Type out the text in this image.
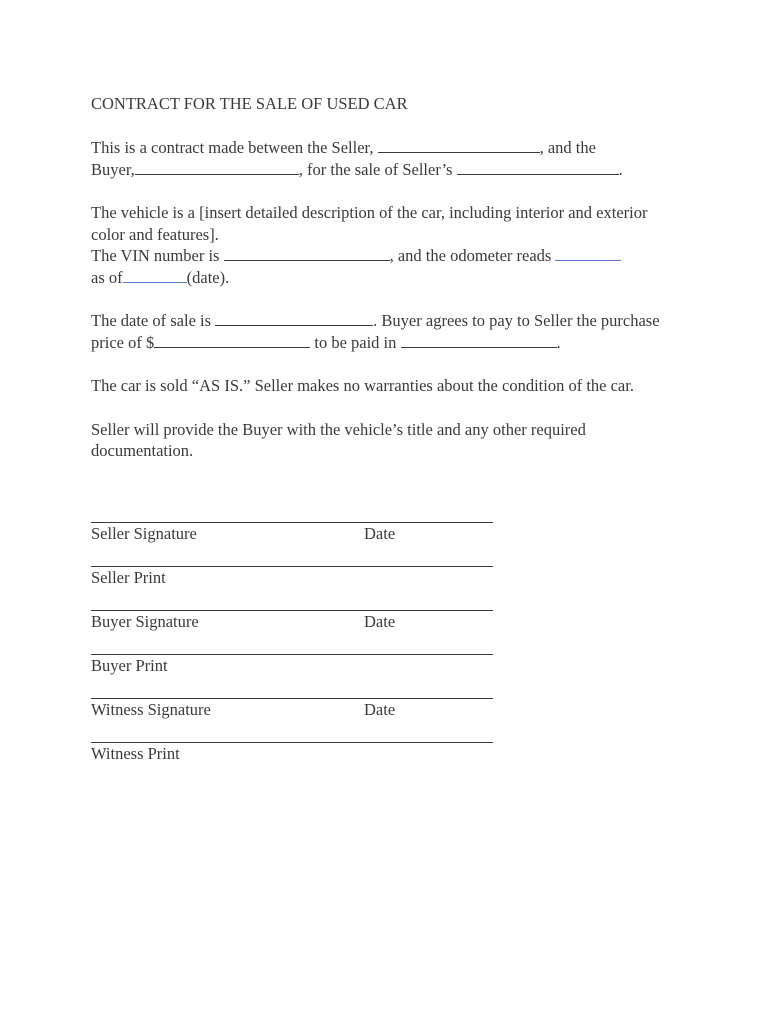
CONTRACT FOR THE SALE OF USED CAR

This is a contract made between the Seller,	, and the
Buyer,	, for the sale of Seller’s	.

The vehicle is a [insert detailed description of the car, including interior and exterior color and features].
The VIN number is	, and the odometer reads
as of	(date).

The date of sale is	. Buyer agrees to pay to Seller the purchase price of $	to be paid in	.

The car is sold “AS IS.” Seller makes no warranties about the condition of the car.

Seller will provide the Buyer with the vehicle’s title and any other required documentation.

Seller Signature	Date
Seller Print
Buyer Signature	Date
Buyer Print
Witness Signature	Date
Witness Print
